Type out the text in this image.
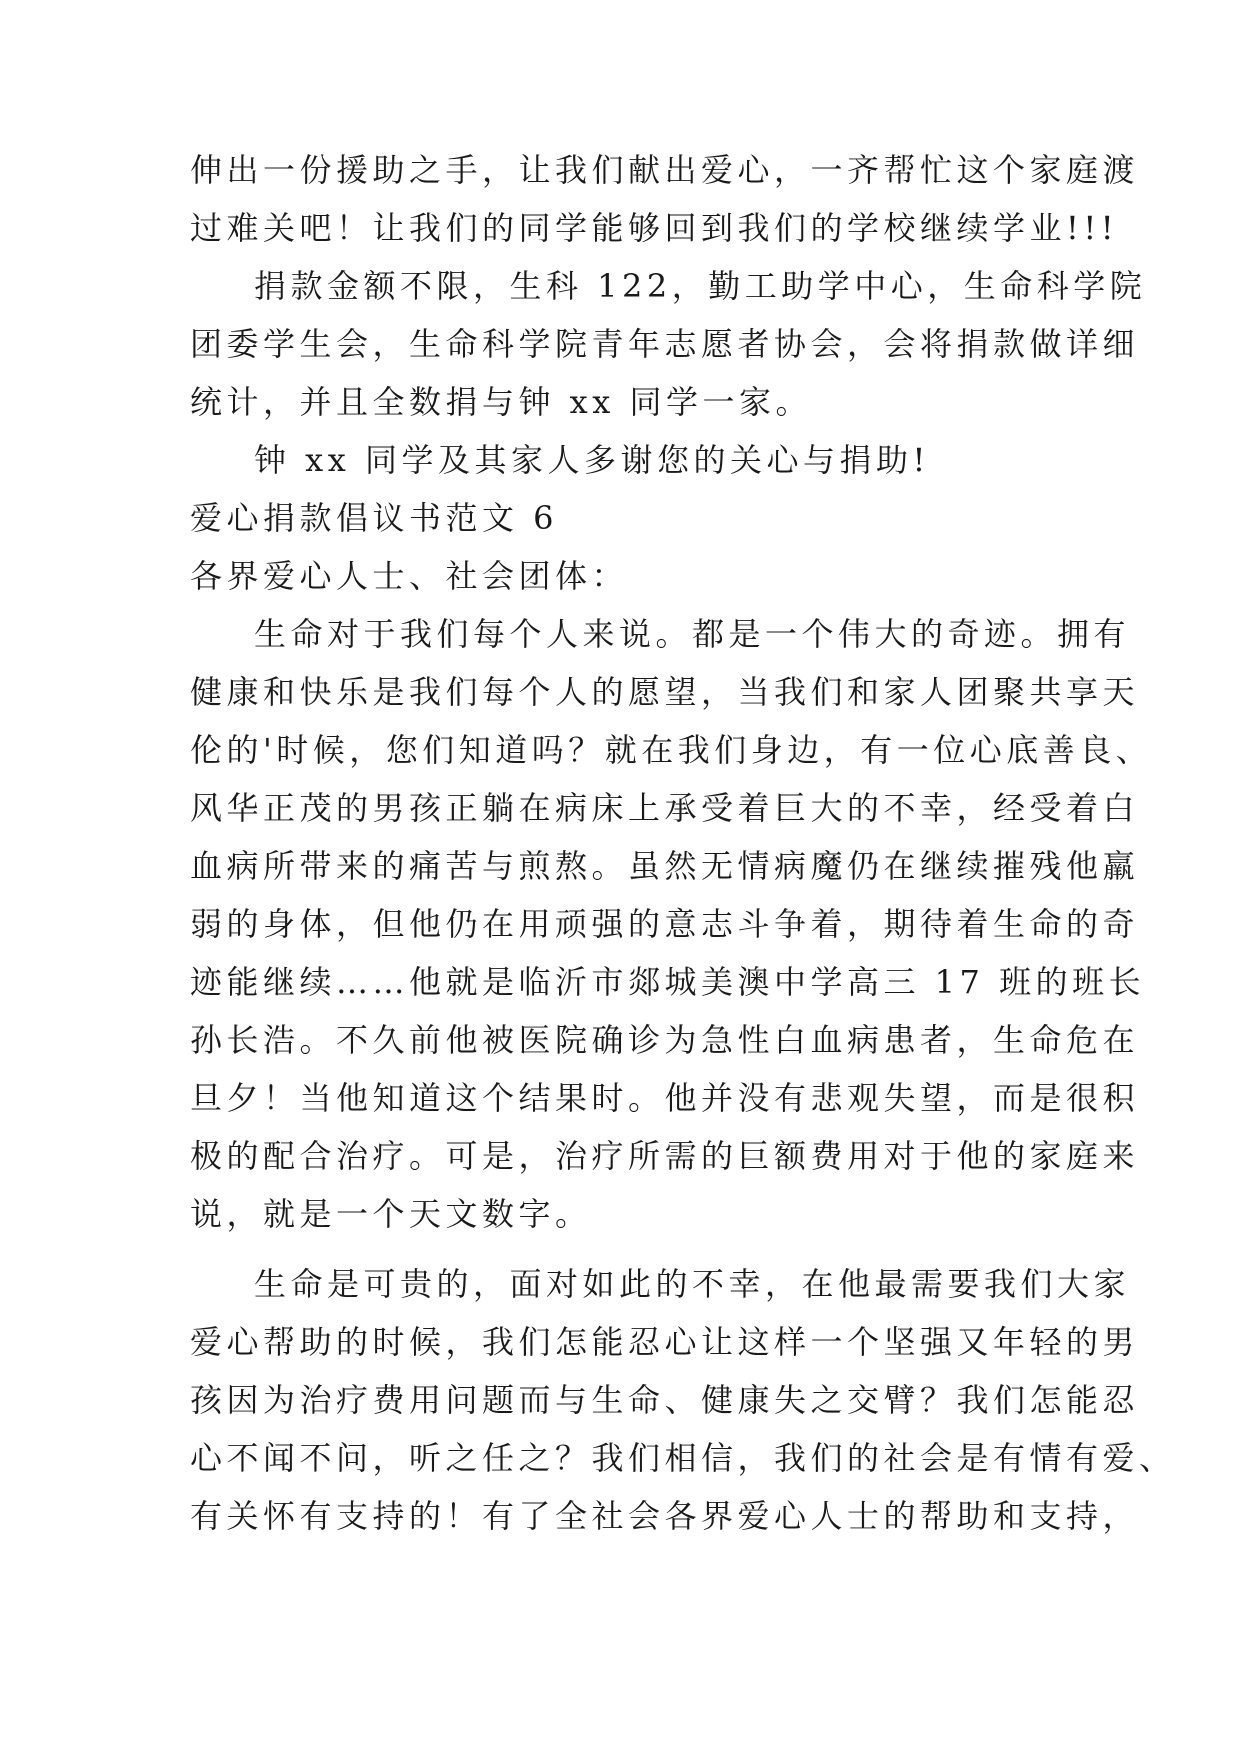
伸出一份援助之手，让我们献出爱心，一齐帮忙这个家庭渡
过难关吧！让我们的同学能够回到我们的学校继续学业!!!
捐款金额不限，生科 122，勤工助学中心，生命科学院
团委学生会，生命科学院青年志愿者协会，会将捐款做详细
统计，并且全数捐与钟 xx 同学一家。
钟 xx 同学及其家人多谢您的关心与捐助!
爱心捐款倡议书范文 6
各界爱心人士、社会团体：
生命对于我们每个人来说。都是一个伟大的奇迹。拥有
健康和快乐是我们每个人的愿望，当我们和家人团聚共享天
伦的'时候，您们知道吗？就在我们身边，有一位心底善良、
风华正茂的男孩正躺在病床上承受着巨大的不幸，经受着白
血病所带来的痛苦与煎熬。虽然无情病魔仍在继续摧残他羸
弱的身体，但他仍在用顽强的意志斗争着，期待着生命的奇
迹能继续……他就是临沂市郯城美澳中学高三 17 班的班长
孙长浩。不久前他被医院确诊为急性白血病患者，生命危在
旦夕！当他知道这个结果时。他并没有悲观失望，而是很积
极的配合治疗。可是，治疗所需的巨额费用对于他的家庭来
说，就是一个天文数字。
生命是可贵的，面对如此的不幸，在他最需要我们大家
爱心帮助的时候，我们怎能忍心让这样一个坚强又年轻的男
孩因为治疗费用问题而与生命、健康失之交臂？我们怎能忍
心不闻不问，听之任之？我们相信，我们的社会是有情有爱、
有关怀有支持的！有了全社会各界爱心人士的帮助和支持，
